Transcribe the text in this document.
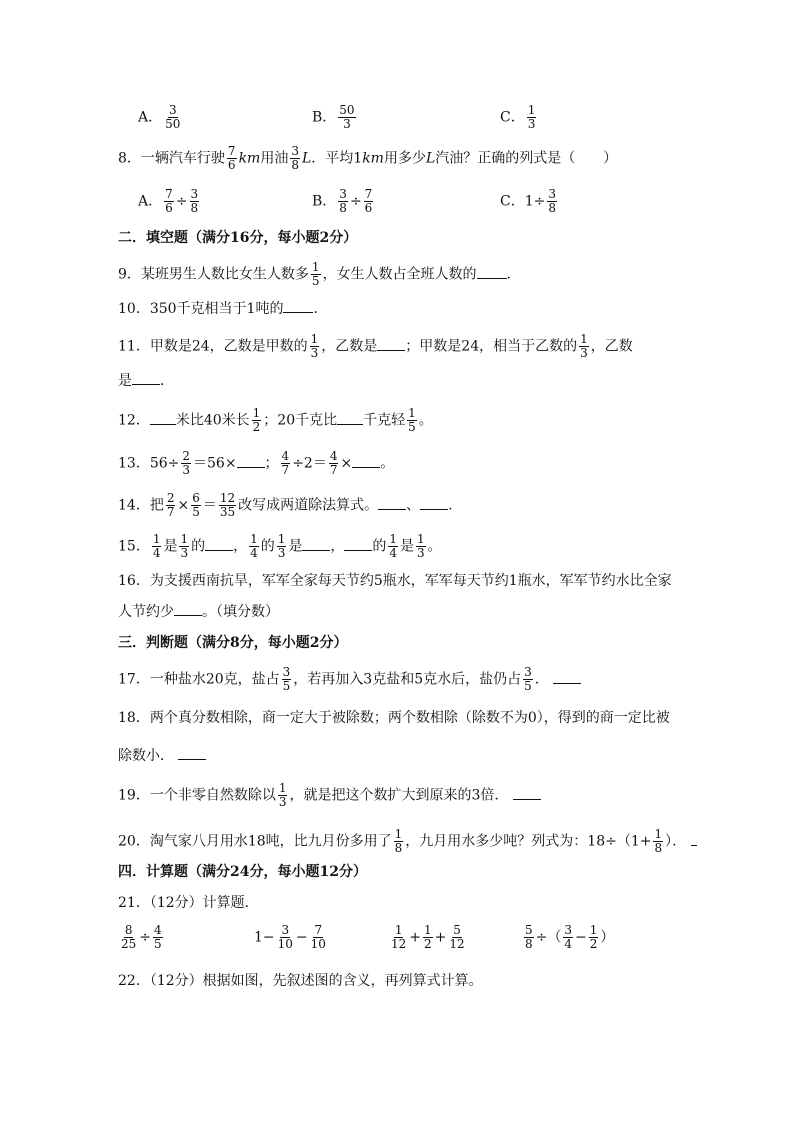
A． $\frac{3}{50}$	B． $\frac{50}{3}$	C． $\frac{1}{3}$
8．一辆汽车行驶 $\frac{7}{6}$ km用油 $\frac{3}{8}$ L．平均1km用多少L汽油？正确的列式是（　　）
A． $\frac{7}{6} \div \frac{3}{8}$	B． $\frac{3}{8} \div \frac{7}{6}$	C．$1\div \frac{3}{8}$
二．填空题（满分16分，每小题2分）
9．某班男生人数比女生人数多 $\frac{1}{5}$ ，女生人数占全班人数的 ．
10．350千克相当于1吨的 ．
11．甲数是24，乙数是甲数的 $\frac{1}{3}$ ，乙数是 ；甲数是24，相当于乙数的 $\frac{1}{3}$ ，乙数
是 ．
12． 米比40米长 $\frac{1}{2}$ ；20千克比 千克轻 $\frac{1}{5}$ 。
13．$56\div \frac{2}{3} =56\times$ ； $\frac{4}{7} \div 2= \frac{4}{7}$ × 。
14．把 $\frac{2}{7} \times \frac{6}{5} = \frac{12}{35}$ 改写成两道除法算式。 、 .
15． $\frac{1}{4}$ 是 $\frac{1}{3}$ 的 ， $\frac{1}{4}$ 的 $\frac{1}{3}$ 是 ， 的 $\frac{1}{4}$ 是 $\frac{1}{3}$ 。
16．为支援西南抗旱，军军全家每天节约5瓶水，军军每天节约1瓶水，军军节约水比全家
人节约少 。（填分数）
三．判断题（满分8分，每小题2分）
17．一种盐水20克，盐占 $\frac{3}{5}$ ，若再加入3克盐和5克水后，盐仍占 $\frac{3}{5}$ ．
18．两个真分数相除，商一定大于被除数；两个数相除（除数不为0），得到的商一定比被
除数小．
19．一个非零自然数除以 $\frac{1}{3}$ ，就是把这个数扩大到原来的3倍．
20．淘气家八月用水18吨，比九月份多用了 $\frac{1}{8}$ ，九月用水多少吨？列式为：$18\div(1+ \frac{1}{8}$ ）．
四．计算题（满分24分，每小题12分）
21．（12分）计算题．
$\frac{8}{25} \div \frac{4}{5}$	$1- \frac{3}{10} - \frac{7}{10}$	$\frac{1}{12} + \frac{1}{2} + \frac{5}{12}$	$\frac{5}{8}$ ÷（ $\frac{3}{4} - \frac{1}{2}$ ）
22．（12分）根据如图，先叙述图的含义，再列算式计算。
